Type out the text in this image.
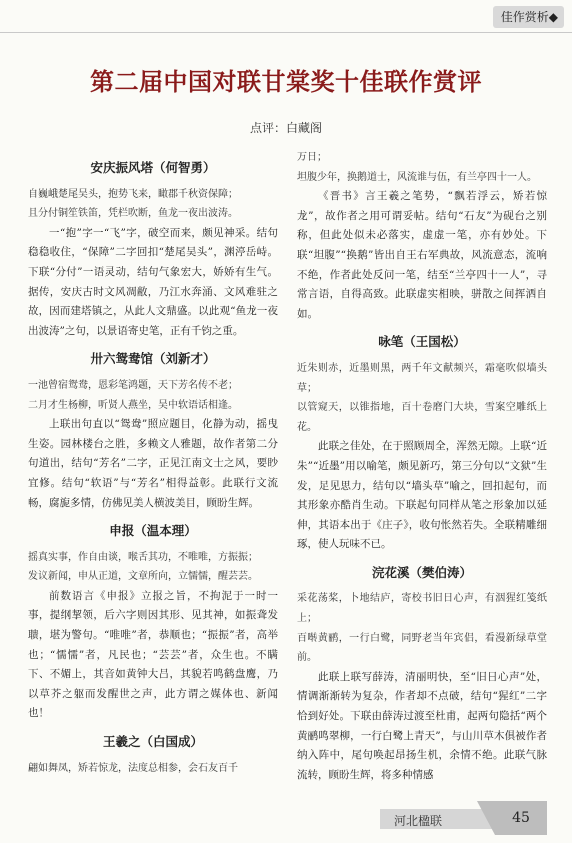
佳作赏析◆
第二届中国对联甘棠奖十佳联作赏评
点评：白藏阁
安庆振风塔（何智勇）
自巍峨楚尾吴头，抱势飞来，瞰郡千秋资保障；
且分付铜笙铁笛，凭栏吹断，鱼龙一夜出波涛。
一“抱”字一“飞”字，破空而来，颇见神采。结句稳稳收住，“保障”二字回扣“楚尾吴头”，渊渟岳峙。下联“分付”一语灵动，结句气象宏大，娇娇有生气。据传，安庆古时文风凋敝，乃江水奔涌、文风难驻之故，因而建塔镇之，从此人文鼎盛。以此观“鱼龙一夜出波涛”之句，以景语寄史笔，正有千钧之重。
卅六鸳鸯馆（刘新才）
一池曾宿鸳鸯，恩彩笔鸿题，天下芳名传不老；
二月才生杨柳，听贤人燕坐，吴中软语话相逢。
上联出句直以“鸳鸯”照应题目，化静为动，摇曳生姿。园林楼台之胜，多赖文人雅题，故作者第二分句道出，结句“芳名”二字，正见江南文士之风，要眇宜修。结句“软语”与“芳名”相得益彰。此联行文流畅，腐旎多情，仿佛见美人横波美目，顾盼生辉。
申报（温本理）
摇真实事，作自由谈，喉舌其功，不唯唯，方振振；
发议新闻，申从正道，文章所向，立懦懦，醒芸芸。
前数语言《申报》立报之旨，不拘泥于一时一事，提纲挈领，后六字则因其形、见其神，如振聋发聩，堪为警句。“唯唯”者，恭顺也；“振振”者，高举也；“懦懦”者，凡民也；“芸芸”者，众生也。不瞒下、不媚上，其音如黄钟大吕，其貌若鸣鹤盘鹰，乃以草芥之躯而发醒世之声，此方谓之媒体也、新闻也！
王羲之（白国成）
翩如舞凤，矫若惊龙，法度总相参，会石友百千
万日；
坦腹少年，换鹅道士，风流谁与伍，有兰亭四十一人。
《晋书》言王羲之笔势，“飘若浮云，矫若惊龙”，故作者之用可谓妥帖。结句“石友”为砚台之别称，但此处似未必落实，虚虚一笔，亦有妙处。下联“坦腹”“换鹅”皆出自王右军典故，风流意态，流响不绝，作者此处反问一笔，结至“兰亭四十一人”，寻常言语，自得高致。此联虚实相映，骈散之间挥洒自如。
咏笔（王国松）
近朱则赤，近墨则黑，两千年文献频兴，霜毫吹似墙头草；
以管窥天，以锥指地，百十卷磨门大块，雪案空雕纸上花。
此联之佳处，在于照顾周全，浑然无隙。上联“近朱”“近墨”用以喻笔，颇见新巧，第三分句以“文狱”生发，足见思力，结句以“墙头草”喻之，回扣起句，而其形象亦酷肖生动。下联起句同样从笔之形象加以延伸，其语本出于《庄子》，收句怅然若失。全联精雕细琢，使人玩味不已。
浣花溪（樊伯涛）
采花荡桨，卜地结庐，寄校书旧日心声，有洇猩红笺纸上；
百啭黄鹂，一行白鹭，同野老当年宾侣，看漫新绿草堂前。
此联上联写薛涛，清丽明快，至“旧日心声”处，情调渐渐转为复杂，作者却不点破，结句“猩红”二字恰到好处。下联由薛涛过渡至杜甫，起两句隐括“两个黄鹂鸣翠柳，一行白鹭上青天”，与山川草木俱被作者纳入阵中，尾句唤起昂扬生机，余情不绝。此联气脉流转，顾盼生辉，将多种情感
河北楹联	45
